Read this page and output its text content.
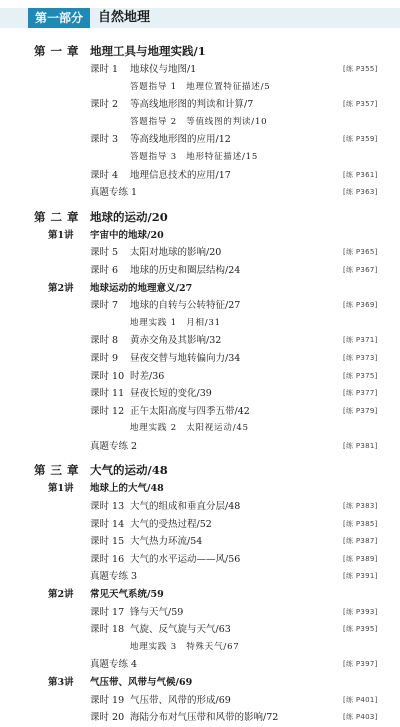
第一部分	自然地理
第 一 章 地理工具与地理实践/1
课时 1 地球仪与地图/1	[练 P355]
答题指导 1　地理位置特征描述/5
课时 2 等高线地形图的判读和计算/7	[练 P357]
答题指导 2　等值线图的判读/10
课时 3 等高线地形图的应用/12	[练 P359]
答题指导 3　地形特征描述/15
课时 4 地理信息技术的应用/17	[练 P361]
真题专练 1	[练 P363]
第 二 章 地球的运动/20
第1讲 宇宙中的地球/20
课时 5 太阳对地球的影响/20	[练 P365]
课时 6 地球的历史和圈层结构/24	[练 P367]
第2讲 地球运动的地理意义/27
课时 7 地球的自转与公转特征/27	[练 P369]
地理实践 1　月相/31
课时 8 黄赤交角及其影响/32	[练 P371]
课时 9 昼夜交替与地转偏向力/34	[练 P373]
课时 10 时差/36	[练 P375]
课时 11 昼夜长短的变化/39	[练 P377]
课时 12 正午太阳高度与四季五带/42	[练 P379]
地理实践 2　太阳视运动/45
真题专练 2	[练 P381]
第 三 章 大气的运动/48
第1讲 地球上的大气/48
课时 13 大气的组成和垂直分层/48	[练 P383]
课时 14 大气的受热过程/52	[练 P385]
课时 15 大气热力环流/54	[练 P387]
课时 16 大气的水平运动——风/56	[练 P389]
真题专练 3	[练 P391]
第2讲 常见天气系统/59
课时 17 锋与天气/59	[练 P393]
课时 18 气旋、反气旋与天气/63	[练 P395]
地理实践 3　特殊天气/67
真题专练 4	[练 P397]
第3讲 气压带、风带与气候/69
课时 19 气压带、风带的形成/69	[练 P401]
课时 20 海陆分布对气压带和风带的影响/72	[练 P403]
